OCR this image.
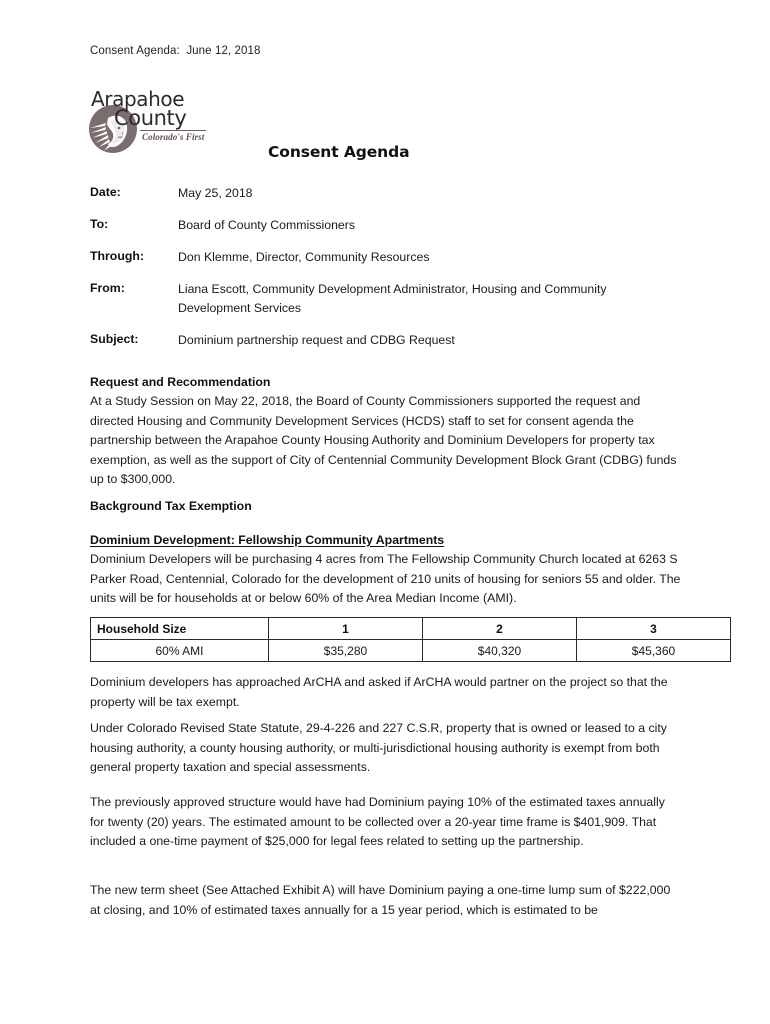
Consent Agenda:  June 12, 2018
Arapahoe
County
Colorado's First
Consent Agenda
Date:	May 25, 2018
To:	Board of County Commissioners
Through:	Don Klemme, Director, Community Resources
From:	Liana Escott, Community Development Administrator, Housing and Community Development Services
Subject:	Dominium partnership request and CDBG Request
Request and Recommendation

At a Study Session on May 22, 2018, the Board of County Commissioners supported the request and directed Housing and Community Development Services (HCDS) staff to set for consent agenda the partnership between the Arapahoe County Housing Authority and Dominium Developers for property tax exemption, as well as the support of City of Centennial Community Development Block Grant (CDBG) funds up to $300,000.

Background Tax Exemption
Dominium Development: Fellowship Community Apartments

Dominium Developers will be purchasing 4 acres from The Fellowship Community Church located at 6263 S Parker Road, Centennial, Colorado for the development of 210 units of housing for seniors 55 and older. The units will be for households at or below 60% of the Area Median Income (AMI).

Household Size	1	2	3
60% AMI	$35,280	$40,320	$45,360

Dominium developers has approached ArCHA and asked if ArCHA would partner on the project so that the property will be tax exempt.

Under Colorado Revised State Statute, 29-4-226 and 227 C.S.R, property that is owned or leased to a city housing authority, a county housing authority, or multi-jurisdictional housing authority is exempt from both general property taxation and special assessments.

The previously approved structure would have had Dominium paying 10% of the estimated taxes annually for twenty (20) years. The estimated amount to be collected over a 20-year time frame is $401,909. That included a one-time payment of $25,000 for legal fees related to setting up the partnership.

The new term sheet (See Attached Exhibit A) will have Dominium paying a one-time lump sum of $222,000 at closing, and 10% of estimated taxes annually for a 15 year period, which is estimated to be
